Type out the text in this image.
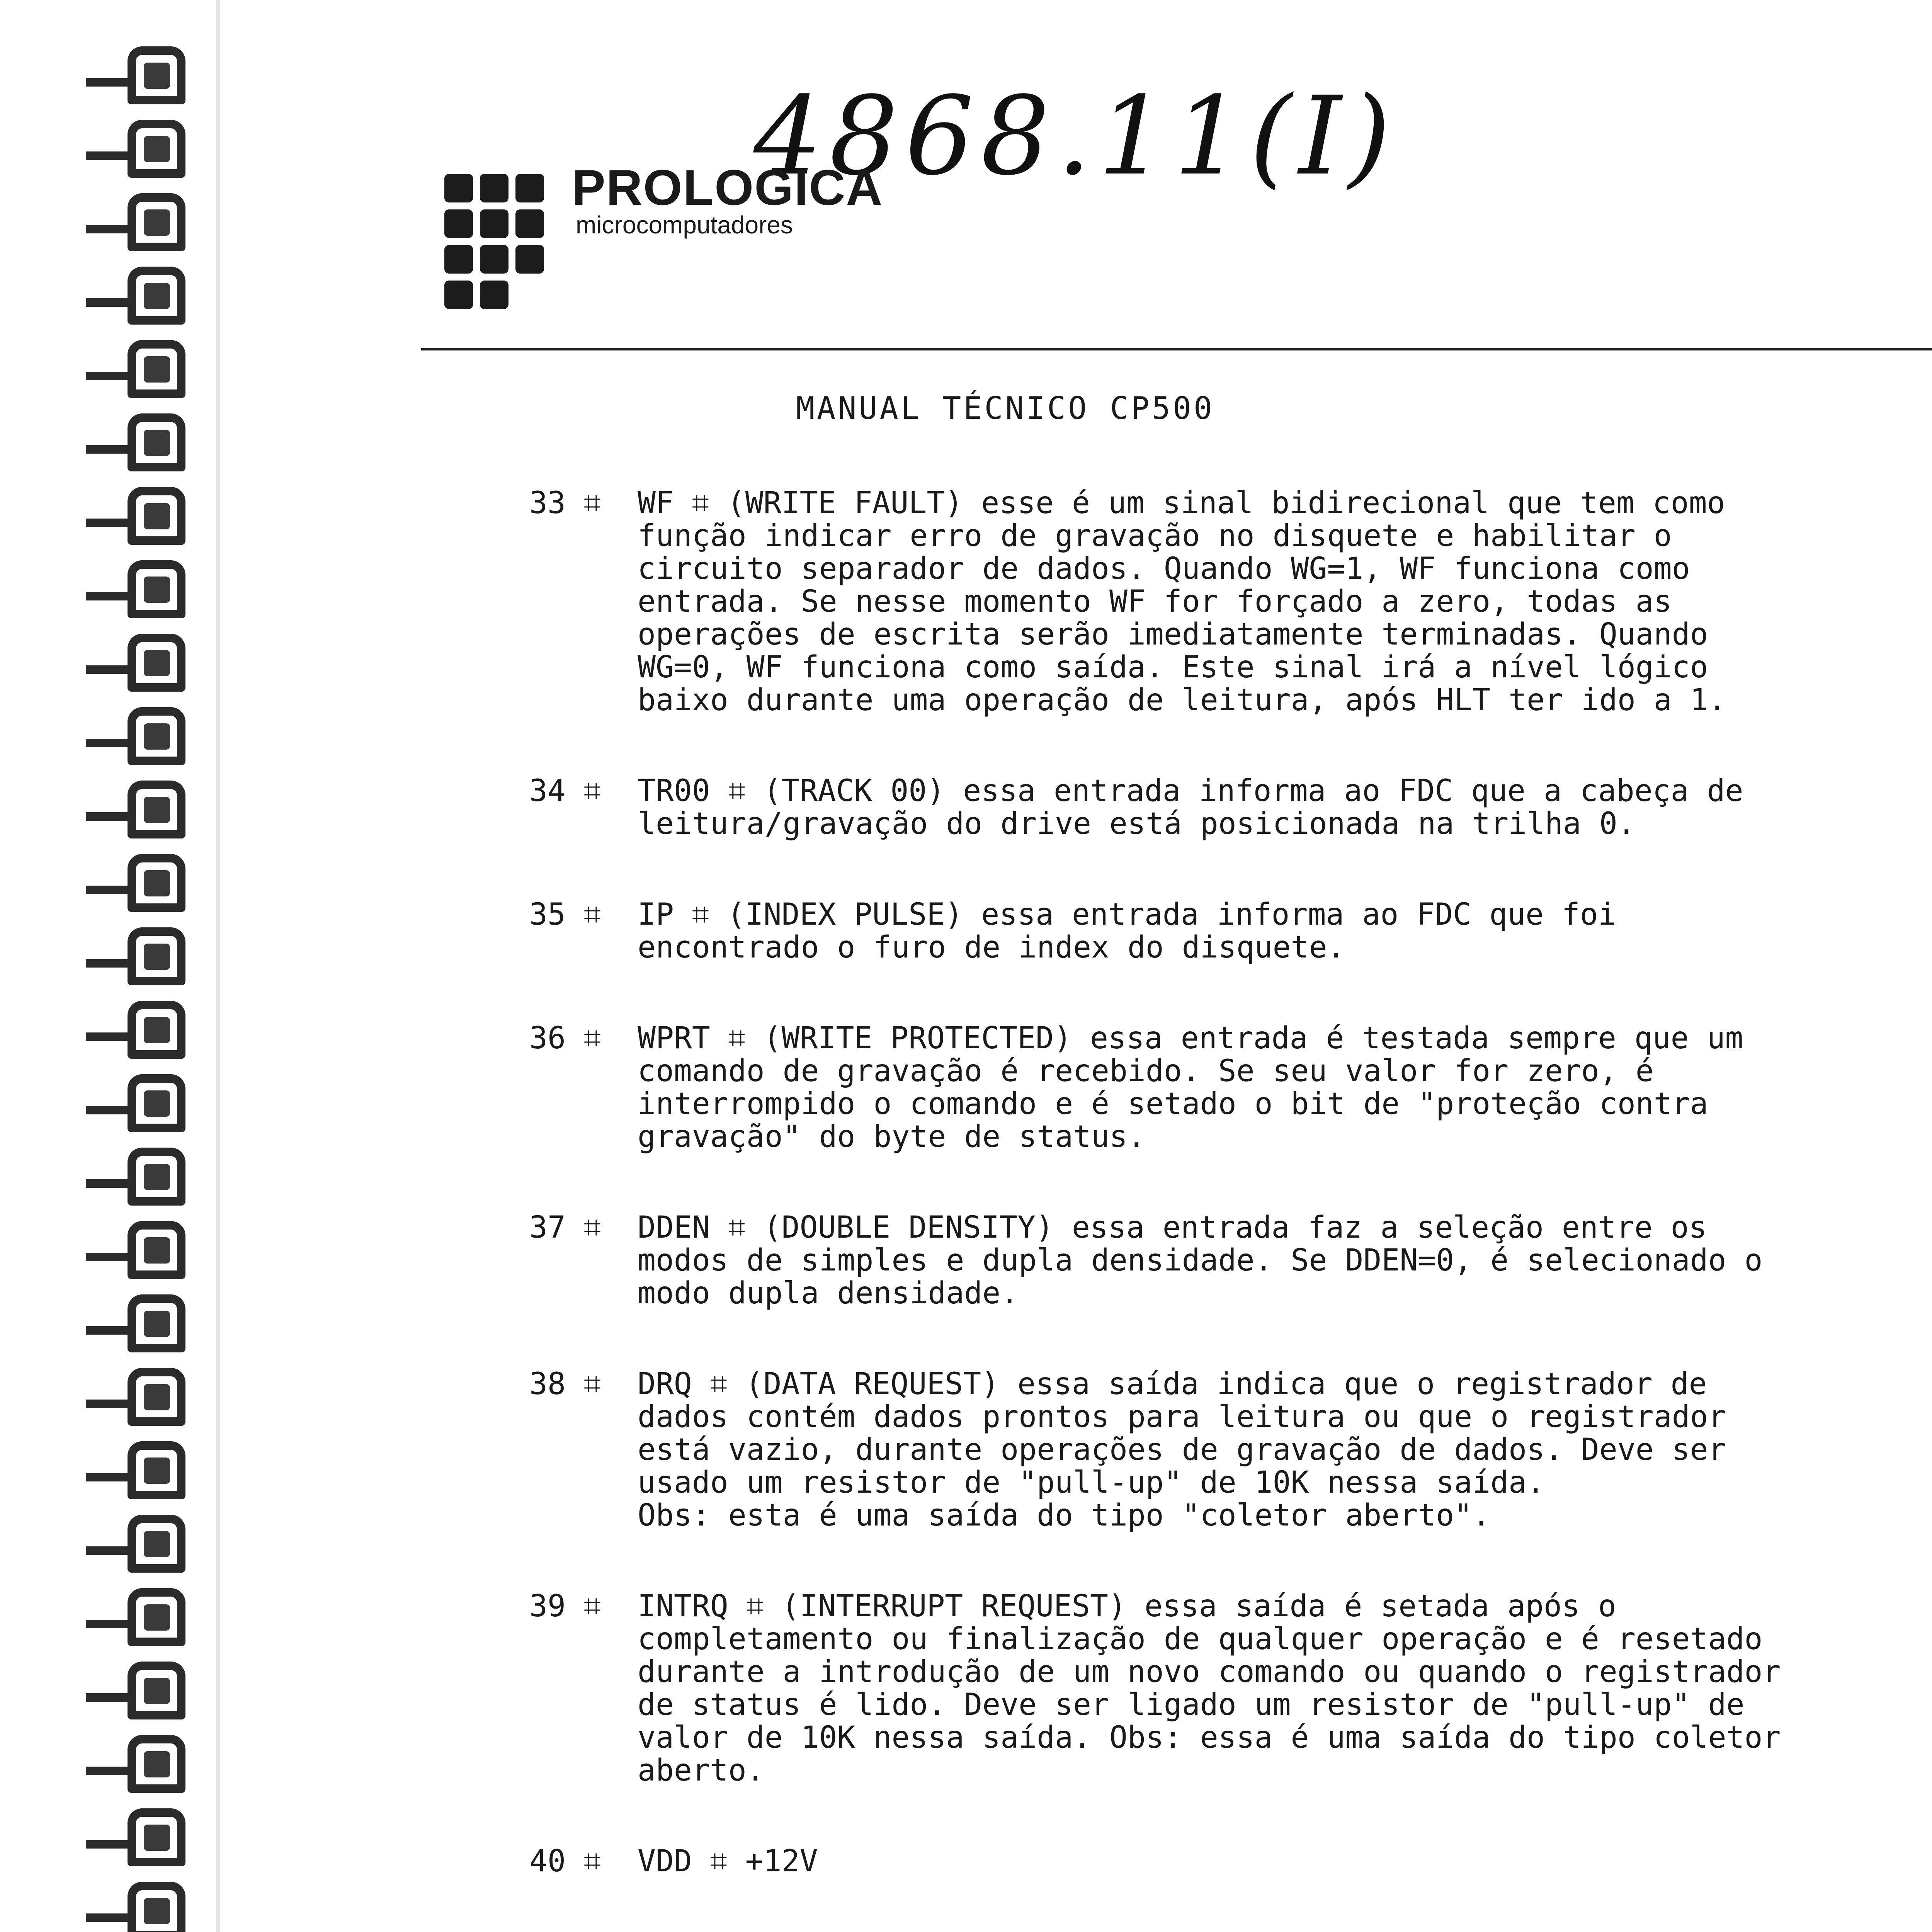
4868.11(I)
PROLOGICA
microcomputadores
MANUAL TÉCNICO CP500
33 ⌗ WF ⌗ (WRITE FAULT) esse é um sinal bidirecional que tem como função indicar erro de gravação no disquete e habilitar o circuito separador de dados. Quando WG=1, WF funciona como entrada. Se nesse momento WF for forçado a zero, todas as operações de escrita serão imediatamente terminadas. Quando WG=0, WF funciona como saída. Este sinal irá a nível lógico baixo durante uma operação de leitura, após HLT ter ido a 1.
34 ⌗ TR00 ⌗ (TRACK 00) essa entrada informa ao FDC que a cabeça de leitura/gravação do drive está posicionada na trilha 0.
35 ⌗ IP ⌗ (INDEX PULSE) essa entrada informa ao FDC que foi encontrado o furo de index do disquete.
36 ⌗ WPRT ⌗ (WRITE PROTECTED) essa entrada é testada sempre que um comando de gravação é recebido. Se seu valor for zero, é interrompido o comando e é setado o bit de "proteção contra gravação" do byte de status.
37 ⌗ DDEN ⌗ (DOUBLE DENSITY) essa entrada faz a seleção entre os modos de simples e dupla densidade. Se DDEN=0, é selecionado o modo dupla densidade.
38 ⌗ DRQ ⌗ (DATA REQUEST) essa saída indica que o registrador de dados contém dados prontos para leitura ou que o registrador está vazio, durante operações de gravação de dados. Deve ser usado um resistor de "pull-up" de 10K nessa saída.
Obs: esta é uma saída do tipo "coletor aberto".
39 ⌗ INTRQ ⌗ (INTERRUPT REQUEST) essa saída é setada após o completamento ou finalização de qualquer operação e é resetado durante a introdução de um novo comando ou quando o registrador de status é lido. Deve ser ligado um resistor de "pull-up" de valor de 10K nessa saída. Obs: essa é uma saída do tipo coletor aberto.
40 ⌗ VDD ⌗ +12V
